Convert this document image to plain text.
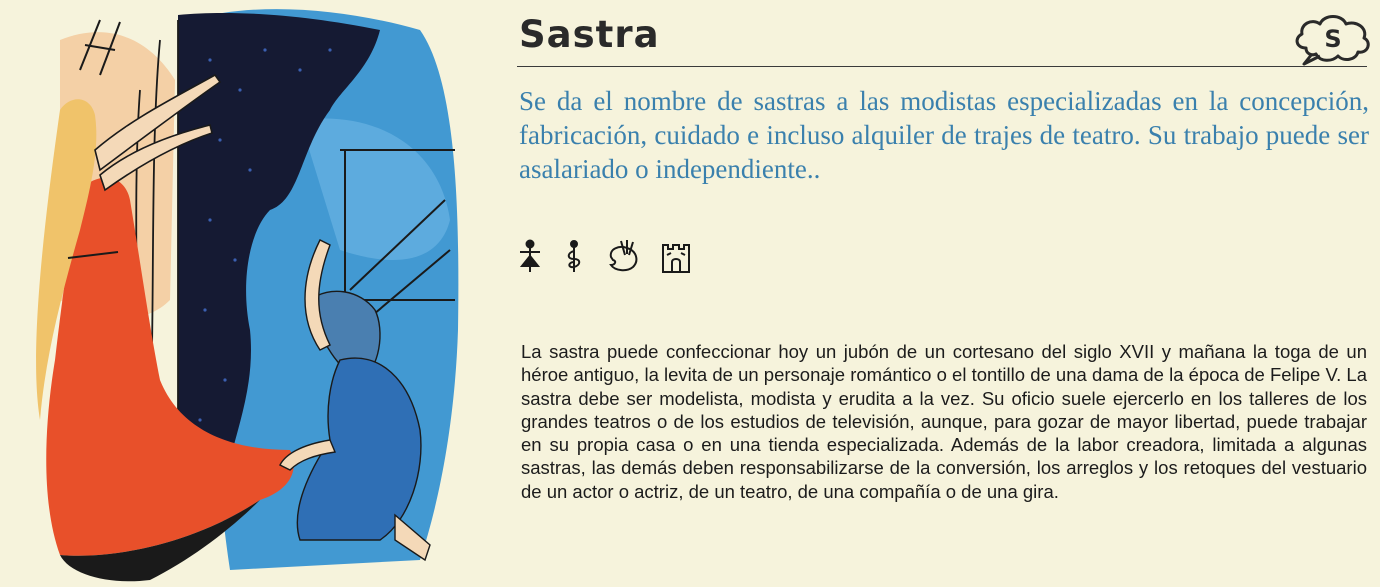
Sastra	S

Se da el nombre de sastras a las modistas especializadas en la concepción, fabricación, cuidado e incluso alquiler de trajes de teatro. Su trabajo puede ser asalariado o independiente..

La sastra puede confeccionar hoy un jubón de un cortesano del siglo XVII y mañana la toga de un héroe antiguo, la levita de un personaje romántico o el tontillo de una dama de la época de Felipe V. La sastra debe ser modelista, modista y erudita a la vez. Su oficio suele ejercerlo en los talleres de los grandes teatros o de los estudios de televisión, aunque, para gozar de mayor libertad, puede trabajar en su propia casa o en una tienda especializada. Además de la labor creadora, limitada a algunas sastras, las demás deben responsabilizarse de la conversión, los arreglos y los retoques del vestuario de un actor o actriz, de un teatro, de una compañía o de una gira.
